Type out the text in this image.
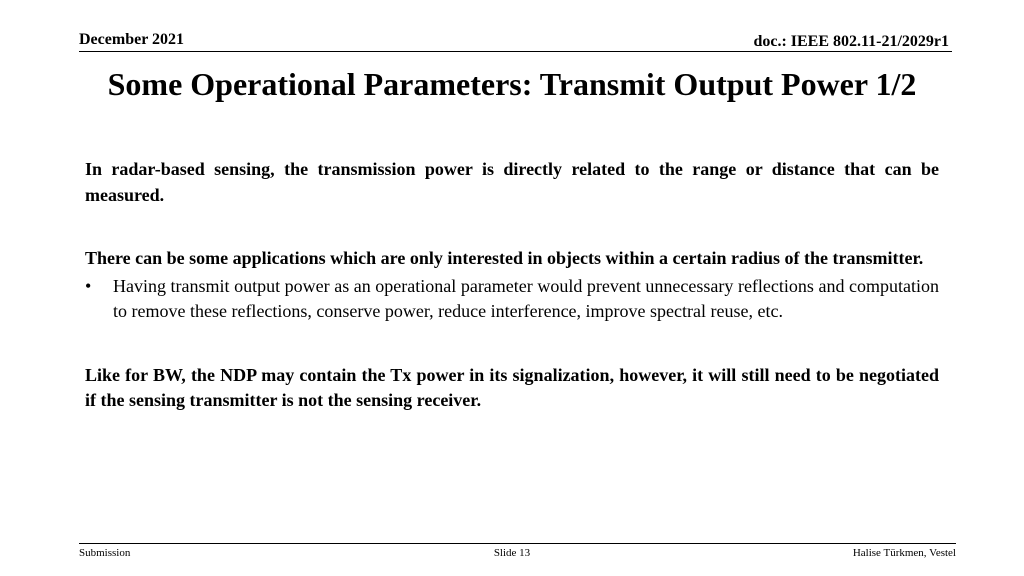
December 2021	doc.: IEEE 802.11-21/2029r1
Some Operational Parameters: Transmit Output Power 1/2

In radar-based sensing, the transmission power is directly related to the range or distance that can be measured.

There can be some applications which are only interested in objects within a certain radius of the transmitter.

•	Having transmit output power as an operational parameter would prevent unnecessary reflections and computation to remove these reflections, conserve power, reduce interference, improve spectral reuse, etc.

Like for BW, the NDP may contain the Tx power in its signalization, however, it will still need to be negotiated if the sensing transmitter is not the sensing receiver.

Submission	Slide 13	Halise Türkmen, Vestel
